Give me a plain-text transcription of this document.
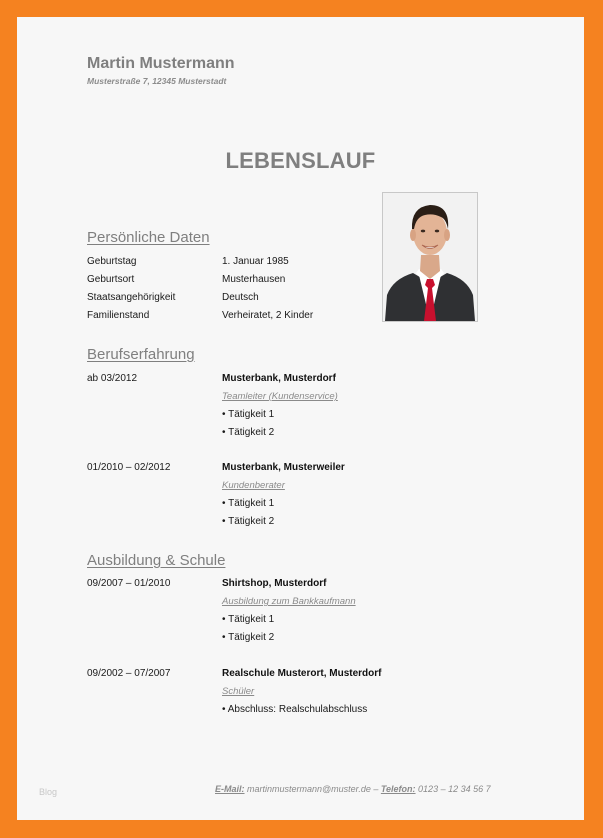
Martin Mustermann
Musterstraße 7, 12345 Musterstadt
LEBENSLAUF
Persönliche Daten
Geburtstag	1. Januar 1985
Geburtsort	Musterhausen
Staatsangehörigkeit	Deutsch
Familienstand	Verheiratet, 2 Kinder
Berufserfahrung
ab 03/2012	Musterbank, Musterdorf
Teamleiter (Kundenservice)
• Tätigkeit 1
• Tätigkeit 2
01/2010 – 02/2012	Musterbank, Musterweiler
Kundenberater
• Tätigkeit 1
• Tätigkeit 2
Ausbildung & Schule
09/2007 – 01/2010	Shirtshop, Musterdorf
Ausbildung zum Bankkaufmann
• Tätigkeit 1
• Tätigkeit 2
09/2002 – 07/2007	Realschule Musterort, Musterdorf
Schüler
• Abschluss: Realschulabschluss
Blog	E-Mail: martinmustermann@muster.de – Telefon: 0123 – 12 34 56 7
